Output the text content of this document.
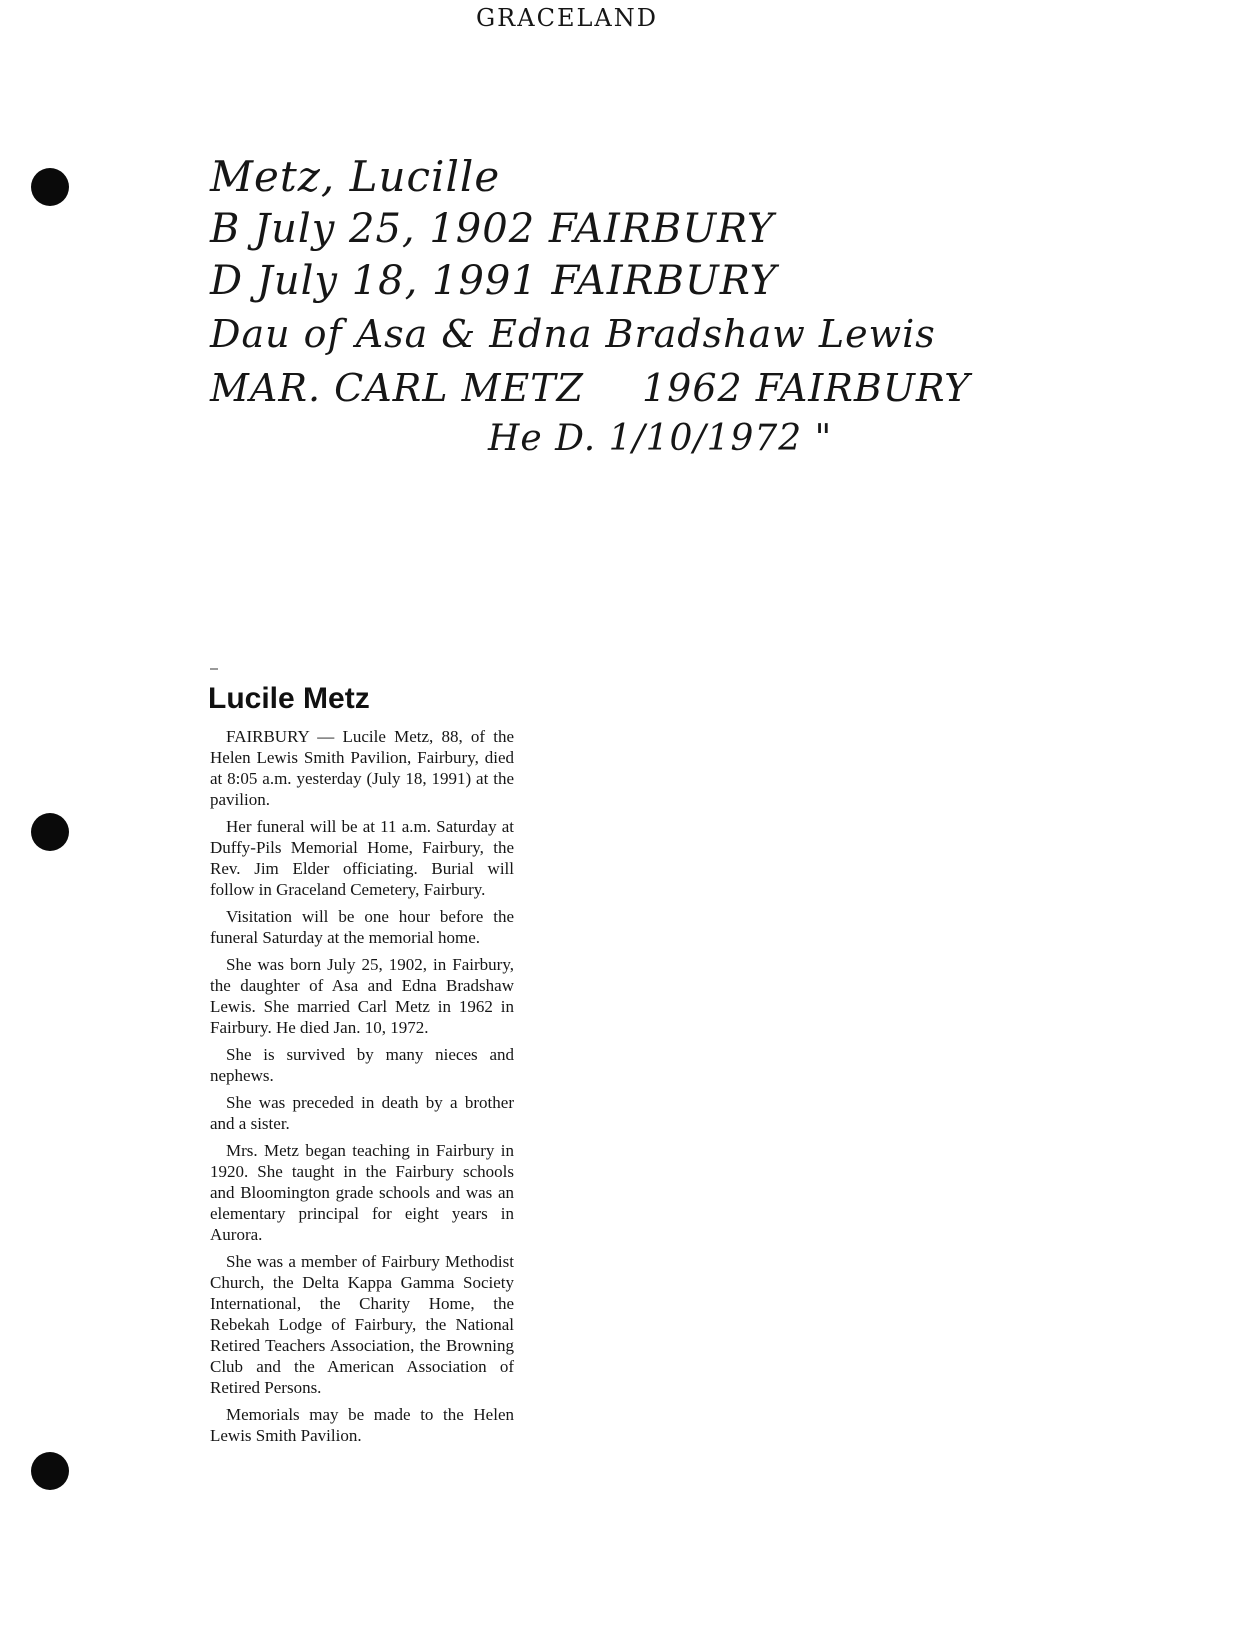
GRACELAND
Metz, Lucille
B July 25, 1902 FAIRBURY
D July 18, 1991 FAIRBURY
Dau of Asa & Edna Bradshaw Lewis
MAR. CARL METZ 1962 FAIRBURY
He D. 1/10/1972 "
Lucile Metz

FAIRBURY — Lucile Metz, 88, of the Helen Lewis Smith Pavilion, Fairbury, died at 8:05 a.m. yesterday (July 18, 1991) at the pavilion.

Her funeral will be at 11 a.m. Saturday at Duffy-Pils Memorial Home, Fairbury, the Rev. Jim Elder officiating. Burial will follow in Graceland Cemetery, Fairbury.

Visitation will be one hour before the funeral Saturday at the memorial home.

She was born July 25, 1902, in Fairbury, the daughter of Asa and Edna Bradshaw Lewis. She married Carl Metz in 1962 in Fairbury. He died Jan. 10, 1972.

She is survived by many nieces and nephews.

She was preceded in death by a brother and a sister.

Mrs. Metz began teaching in Fairbury in 1920. She taught in the Fairbury schools and Bloomington grade schools and was an elementary principal for eight years in Aurora.

She was a member of Fairbury Methodist Church, the Delta Kappa Gamma Society International, the Charity Home, the Rebekah Lodge of Fairbury, the National Retired Teachers Association, the Browning Club and the American Association of Retired Persons.

Memorials may be made to the Helen Lewis Smith Pavilion.
